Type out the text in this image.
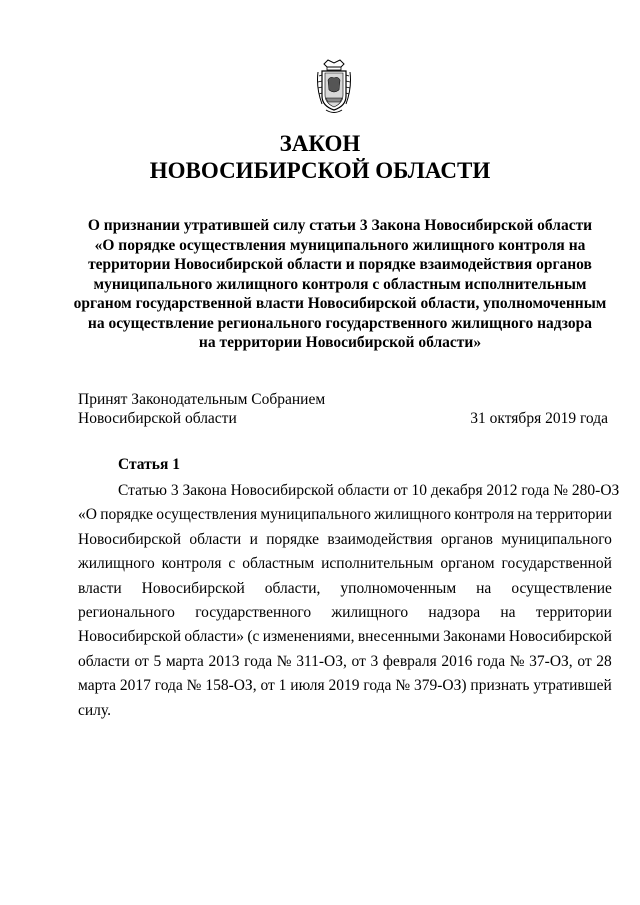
ЗАКОН
НОВОСИБИРСКОЙ ОБЛАСТИ
О признании утратившей силу статьи 3 Закона Новосибирской области
«О порядке осуществления муниципального жилищного контроля на
территории Новосибирской области и порядке взаимодействия органов
муниципального жилищного контроля с областным исполнительным
органом государственной власти Новосибирской области, уполномоченным
на осуществление регионального государственного жилищного надзора
на территории Новосибирской области»
Принят Законодательным Собранием
Новосибирской области	31 октября 2019 года
Статья 1
Статью 3 Закона Новосибирской области от 10 декабря 2012 года № 280-ОЗ
«О порядке осуществления муниципального жилищного контроля на территории
Новосибирской области и порядке взаимодействия органов муниципального
жилищного контроля с областным исполнительным органом государственной
власти Новосибирской области, уполномоченным на осуществление
регионального государственного жилищного надзора на территории
Новосибирской области» (с изменениями, внесенными Законами Новосибирской
области от 5 марта 2013 года № 311-ОЗ, от 3 февраля 2016 года № 37-ОЗ, от 28
марта 2017 года № 158-ОЗ, от 1 июля 2019 года № 379-ОЗ) признать утратившей
силу.
